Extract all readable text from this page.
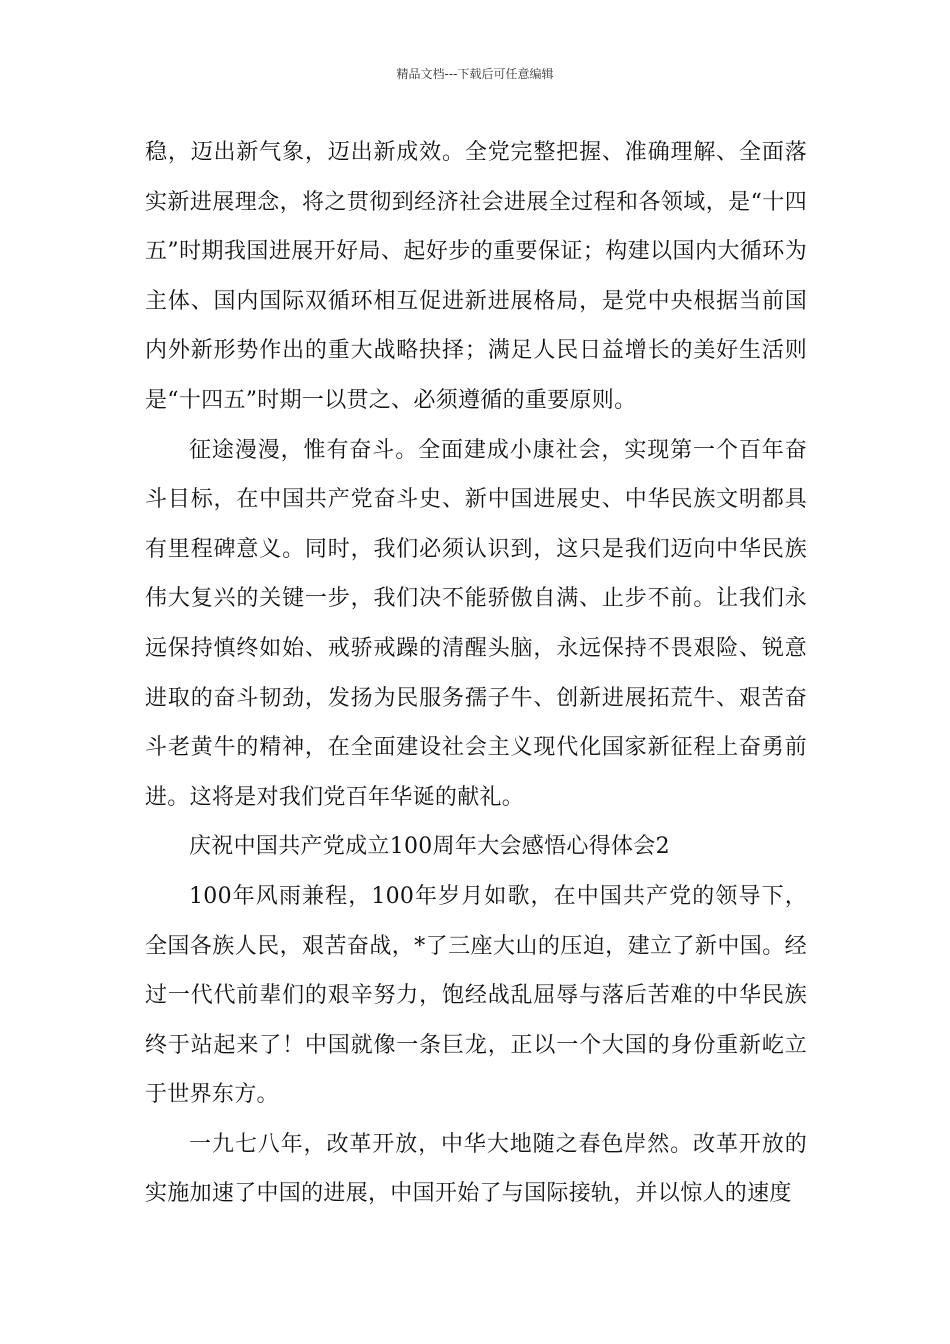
精品文档---下载后可任意编辑

稳，迈出新气象，迈出新成效。全党完整把握、准确理解、全面落实新进展理念，将之贯彻到经济社会进展全过程和各领域，是“十四五”时期我国进展开好局、起好步的重要保证；构建以国内大循环为主体、国内国际双循环相互促进新进展格局，是党中央根据当前国内外新形势作出的重大战略抉择；满足人民日益增长的美好生活则是“十四五”时期一以贯之、必须遵循的重要原则。

征途漫漫，惟有奋斗。全面建成小康社会，实现第一个百年奋斗目标，在中国共产党奋斗史、新中国进展史、中华民族文明都具有里程碑意义。同时，我们必须认识到，这只是我们迈向中华民族伟大复兴的关键一步，我们决不能骄傲自满、止步不前。让我们永远保持慎终如始、戒骄戒躁的清醒头脑，永远保持不畏艰险、锐意进取的奋斗韧劲，发扬为民服务孺子牛、创新进展拓荒牛、艰苦奋斗老黄牛的精神，在全面建设社会主义现代化国家新征程上奋勇前进。这将是对我们党百年华诞的献礼。

庆祝中国共产党成立100周年大会感悟心得体会2

100年风雨兼程，100年岁月如歌，在中国共产党的领导下，全国各族人民，艰苦奋战，*了三座大山的压迫，建立了新中国。经过一代代前辈们的艰辛努力，饱经战乱屈辱与落后苦难的中华民族终于站起来了！中国就像一条巨龙，正以一个大国的身份重新屹立于世界东方。

一九七八年，改革开放，中华大地随之春色岸然。改革开放的实施加速了中国的进展，中国开始了与国际接轨，并以惊人的速度
